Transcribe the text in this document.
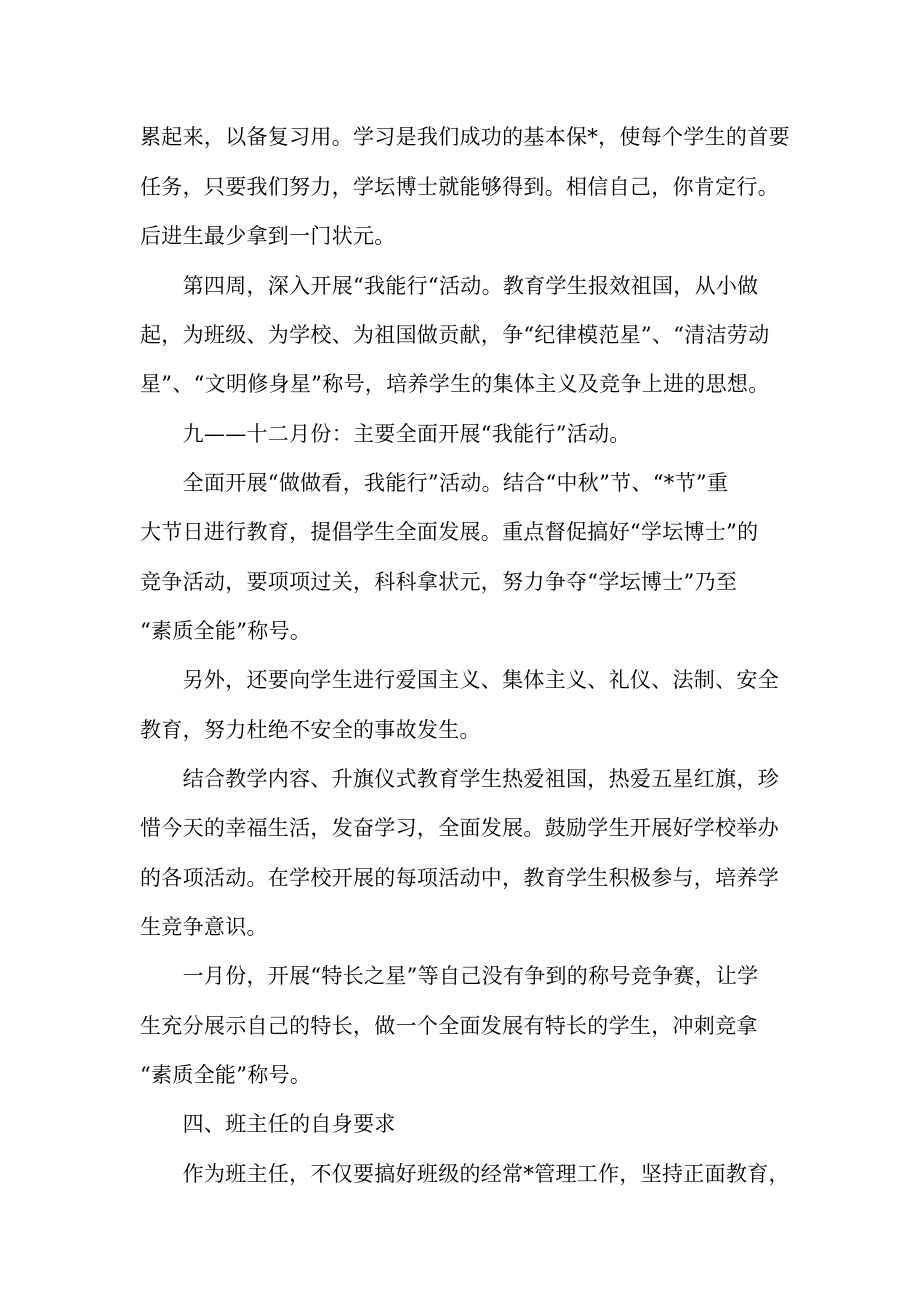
累起来，以备复习用。学习是我们成功的基本保*，使每个学生的首要
任务，只要我们努力，学坛博士就能够得到。相信自己，你肯定行。
后进生最少拿到一门状元。
　　第四周，深入开展“我能行“活动。教育学生报效祖国，从小做
起，为班级、为学校、为祖国做贡献，争“纪律模范星”、“清洁劳动
星”、“文明修身星”称号，培养学生的集体主义及竞争上进的思想。
　　九——十二月份：主要全面开展“我能行”活动。
　　全面开展“做做看，我能行”活动。结合“中秋”节、“*节”重
大节日进行教育，提倡学生全面发展。重点督促搞好“学坛博士”的
竞争活动，要项项过关，科科拿状元，努力争夺“学坛博士”乃至
“素质全能”称号。
　　另外，还要向学生进行爱国主义、集体主义、礼仪、法制、安全
教育，努力杜绝不安全的事故发生。
　　结合教学内容、升旗仪式教育学生热爱祖国，热爱五星红旗，珍
惜今天的幸福生活，发奋学习，全面发展。鼓励学生开展好学校举办
的各项活动。在学校开展的每项活动中，教育学生积极参与，培养学
生竞争意识。
　　一月份，开展“特长之星”等自己没有争到的称号竞争赛，让学
生充分展示自己的特长，做一个全面发展有特长的学生，冲刺竞拿
“素质全能”称号。
　　四、班主任的自身要求
　　作为班主任，不仅要搞好班级的经常*管理工作，坚持正面教育，
